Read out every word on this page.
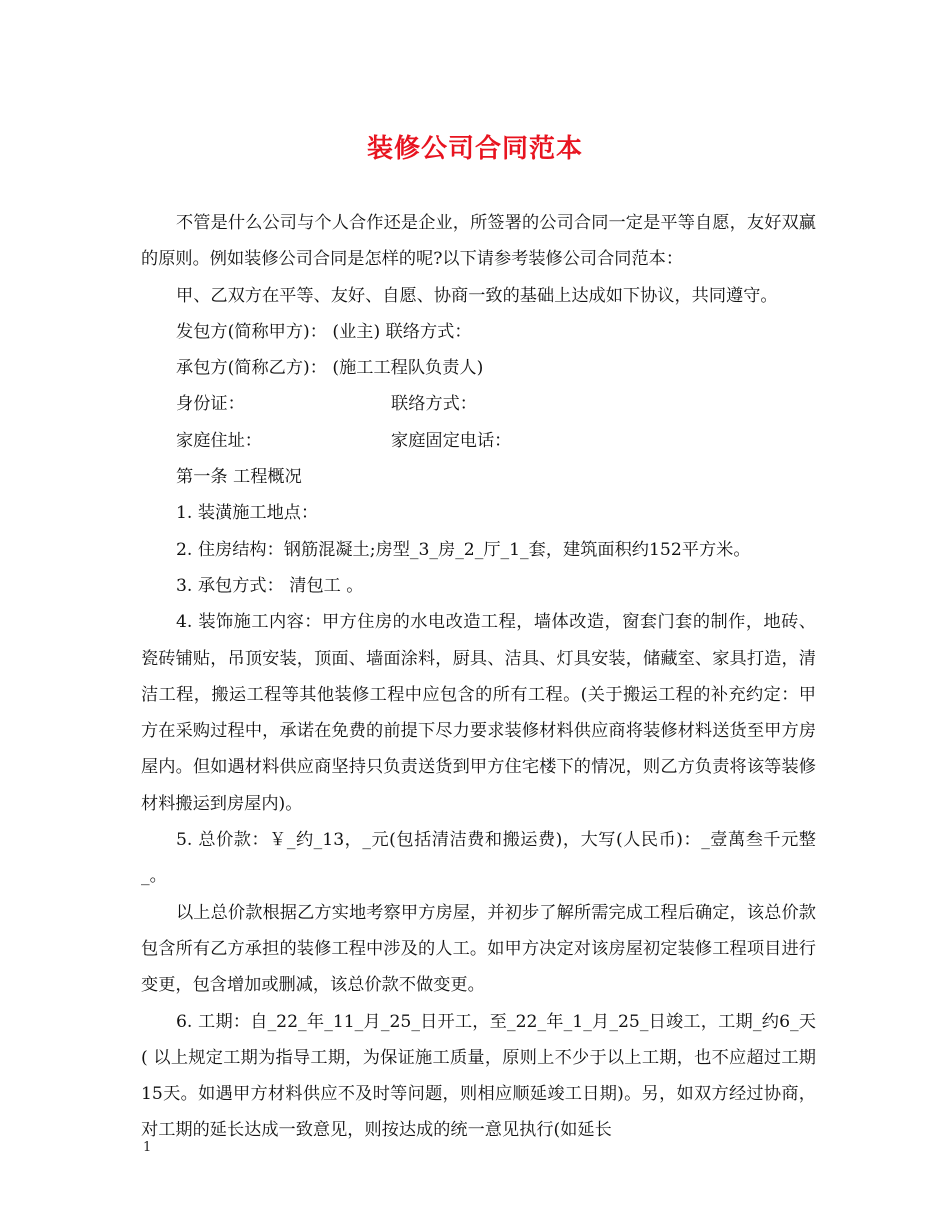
装修公司合同范本

不管是什么公司与个人合作还是企业，所签署的公司合同一定是平等自愿，友好双赢的原则。例如装修公司合同是怎样的呢?以下请参考装修公司合同范本：

甲、乙双方在平等、友好、自愿、协商一致的基础上达成如下协议，共同遵守。

发包方(简称甲方)： (业主) 联络方式：

承包方(简称乙方)： (施工工程队负责人)

身份证：	联络方式：
家庭住址：	家庭固定电话：

第一条 工程概况

1. 装潢施工地点：

2. 住房结构：钢筋混凝土;房型_3_房_2_厅_1_套，建筑面积约152平方米。

3. 承包方式： 清包工 。

4. 装饰施工内容：甲方住房的水电改造工程，墙体改造，窗套门套的制作，地砖、瓷砖铺贴，吊顶安装，顶面、墙面涂料，厨具、洁具、灯具安装，储藏室、家具打造，清洁工程，搬运工程等其他装修工程中应包含的所有工程。(关于搬运工程的补充约定：甲方在采购过程中，承诺在免费的前提下尽力要求装修材料供应商将装修材料送货至甲方房屋内。但如遇材料供应商坚持只负责送货到甲方住宅楼下的情况，则乙方负责将该等装修材料搬运到房屋内)。

5. 总价款：￥_约_13，_元(包括清洁费和搬运费)，大写(人民币)：_壹萬叁千元整_。

以上总价款根据乙方实地考察甲方房屋，并初步了解所需完成工程后确定，该总价款包含所有乙方承担的装修工程中涉及的人工。如甲方决定对该房屋初定装修工程项目进行变更，包含增加或删减，该总价款不做变更。

6. 工期：自_22_年_11_月_25_日开工，至_22_年_1_月_25_日竣工，工期_约6_天( 以上规定工期为指导工期，为保证施工质量，原则上不少于以上工期，也不应超过工期15天。如遇甲方材料供应不及时等问题，则相应顺延竣工日期)。另，如双方经过协商，对工期的延长达成一致意见，则按达成的统一意见执行(如延长

1
